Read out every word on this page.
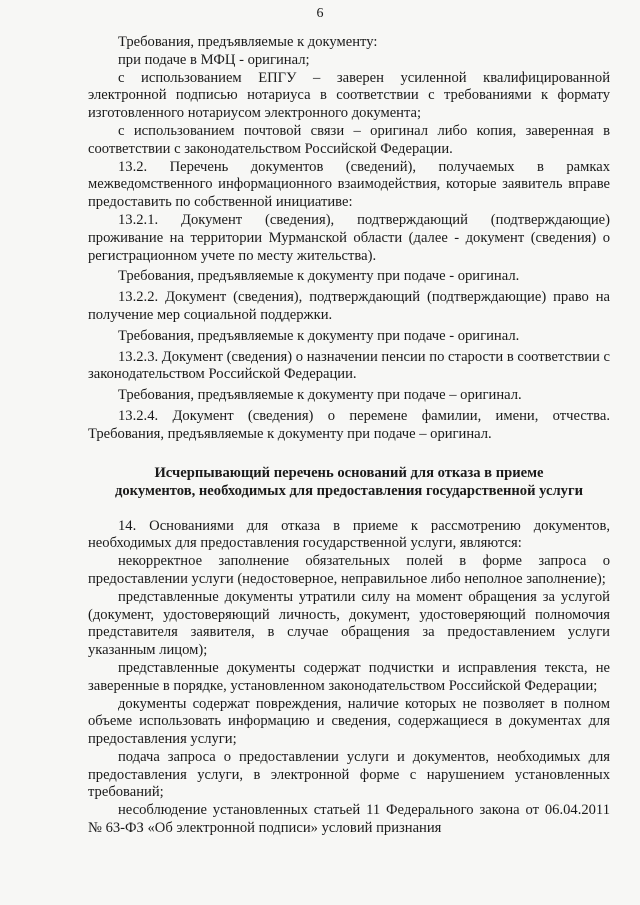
6

Требования, предъявляемые к документу:

при подаче в МФЦ - оригинал;

с использованием ЕПГУ – заверен усиленной квалифицированной электронной подписью нотариуса в соответствии с требованиями к формату изготовленного нотариусом электронного документа;

с использованием почтовой связи – оригинал либо копия, заверенная в соответствии с законодательством Российской Федерации.

13.2. Перечень документов (сведений), получаемых в рамках межведомственного информационного взаимодействия, которые заявитель вправе предоставить по собственной инициативе:

13.2.1. Документ (сведения), подтверждающий (подтверждающие) проживание на территории Мурманской области (далее - документ (сведения) о регистрационном учете по месту жительства).

Требования, предъявляемые к документу при подаче - оригинал.

13.2.2. Документ (сведения), подтверждающий (подтверждающие) право на получение мер социальной поддержки.

Требования, предъявляемые к документу при подаче - оригинал.

13.2.3. Документ (сведения) о назначении пенсии по старости в соответствии с законодательством Российской Федерации.

Требования, предъявляемые к документу при подаче – оригинал.

13.2.4. Документ (сведения) о перемене фамилии, имени, отчества. Требования, предъявляемые к документу при подаче – оригинал.

Исчерпывающий перечень оснований для отказа в приеме
документов, необходимых для предоставления государственной услуги

14. Основаниями для отказа в приеме к рассмотрению документов, необходимых для предоставления государственной услуги, являются:

некорректное заполнение обязательных полей в форме запроса о предоставлении услуги (недостоверное, неправильное либо неполное заполнение);

представленные документы утратили силу на момент обращения за услугой (документ, удостоверяющий личность, документ, удостоверяющий полномочия представителя заявителя, в случае обращения за предоставлением услуги указанным лицом);

представленные документы содержат подчистки и исправления текста, не заверенные в порядке, установленном законодательством Российской Федерации;

документы содержат повреждения, наличие которых не позволяет в полном объеме использовать информацию и сведения, содержащиеся в документах для предоставления услуги;

подача запроса о предоставлении услуги и документов, необходимых для предоставления услуги, в электронной форме с нарушением установленных требований;

несоблюдение установленных статьей 11 Федерального закона от 06.04.2011 № 63-ФЗ «Об электронной подписи» условий признания
